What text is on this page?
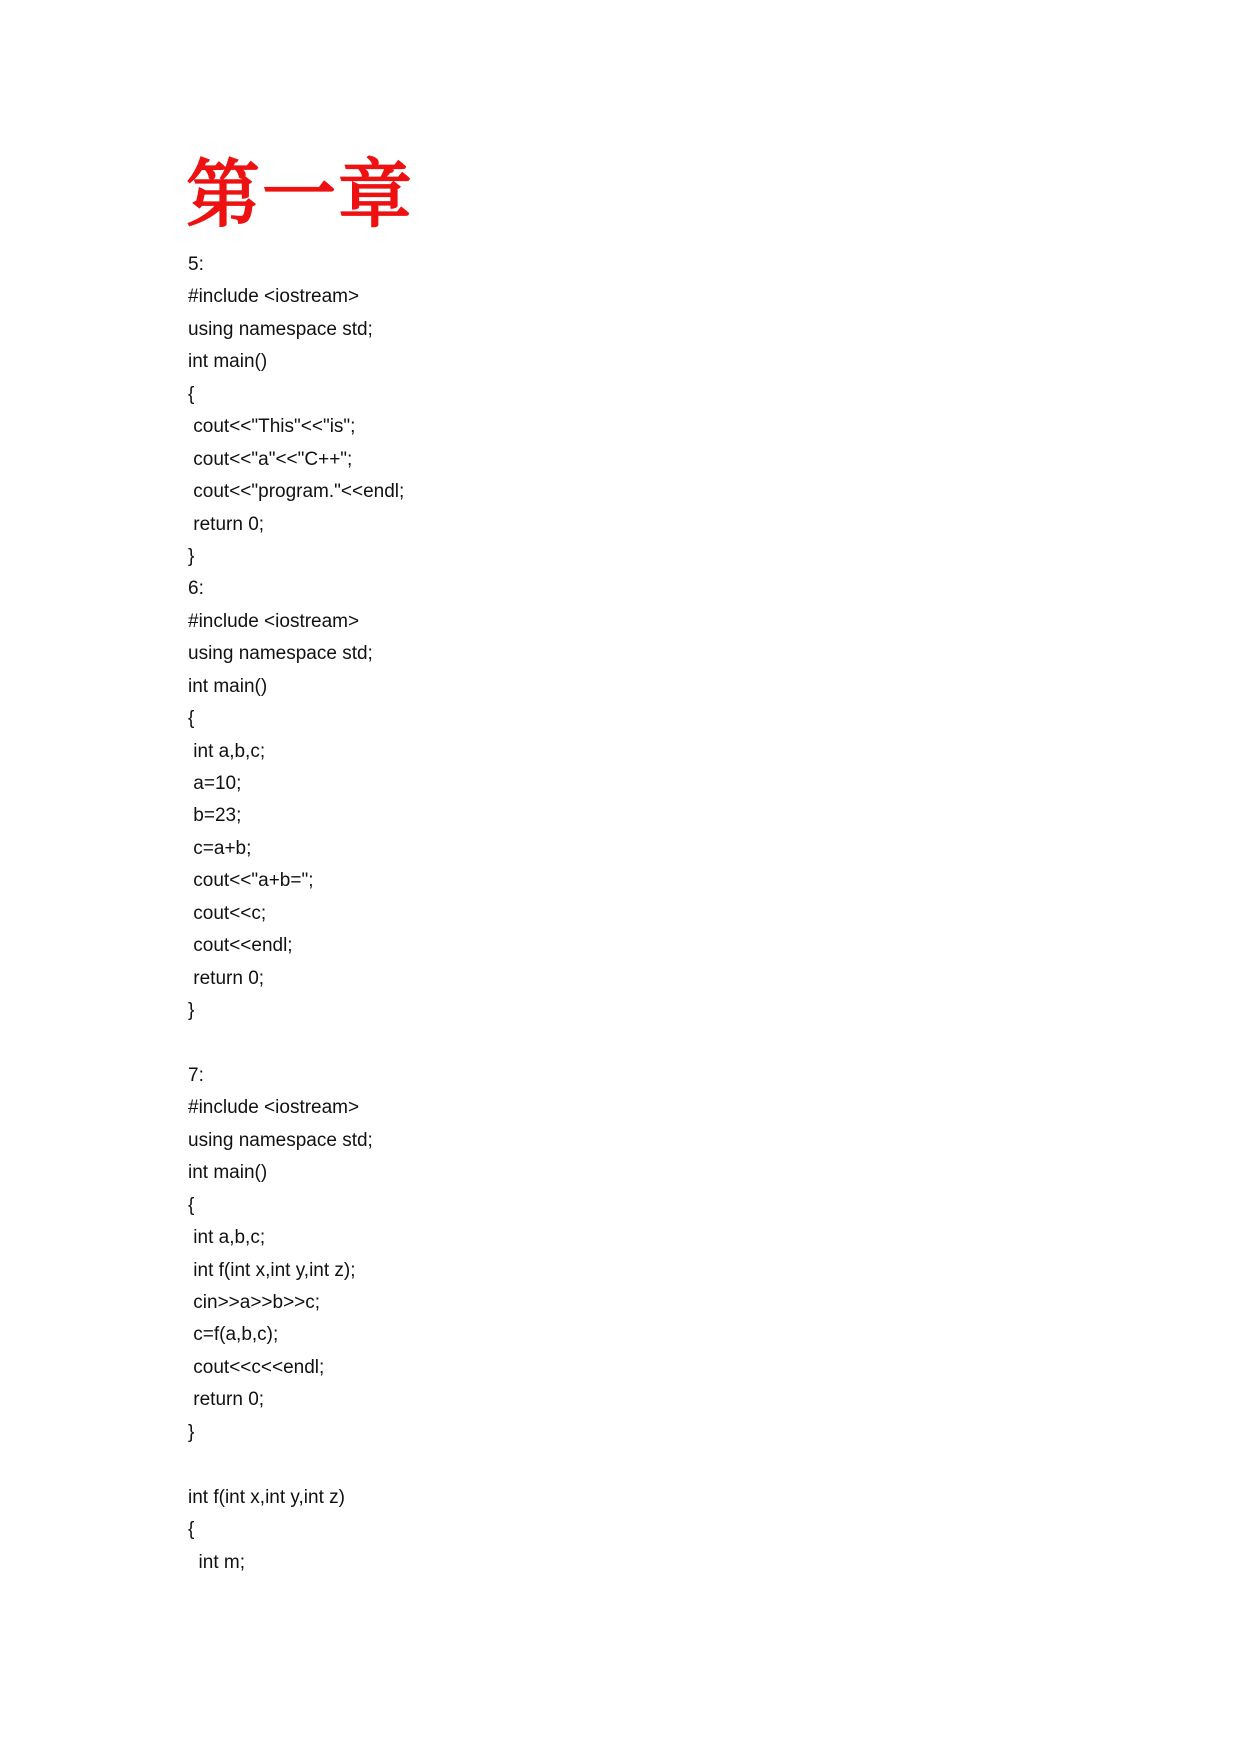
第一章
5:
#include <iostream>
using namespace std;
int main()
{
cout<<"This"<<"is";
cout<<"a"<<"C++";
cout<<"program."<<endl;
return 0;
}
6:
#include <iostream>
using namespace std;
int main()
{
int a,b,c;
a=10;
b=23;
c=a+b;
cout<<"a+b=";
cout<<c;
cout<<endl;
return 0;
}

7:
#include <iostream>
using namespace std;
int main()
{
int a,b,c;
int f(int x,int y,int z);
cin>>a>>b>>c;
c=f(a,b,c);
cout<<c<<endl;
return 0;
}

int f(int x,int y,int z)
{
int m;
